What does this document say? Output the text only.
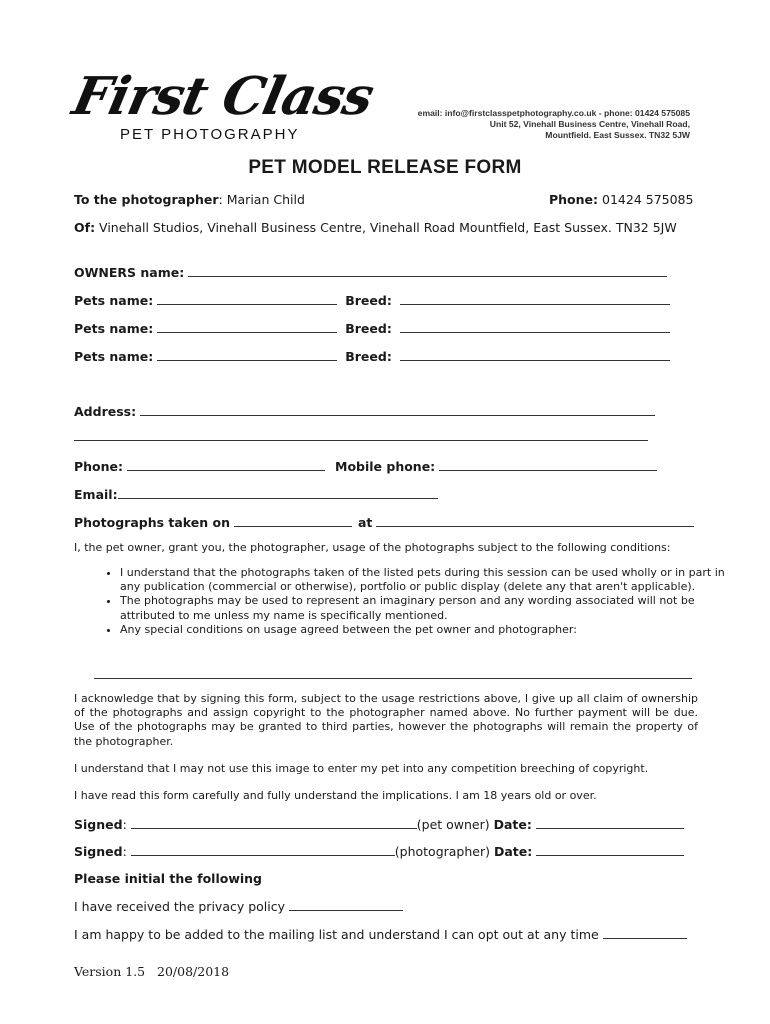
First Class
PET PHOTOGRAPHY
email: info@firstclasspetphotography.co.uk - phone: 01424 575085
Unit 52, Vinehall Business Centre, Vinehall Road,
Mountfield. East Sussex. TN32 5JW
PET MODEL RELEASE FORM
To the photographer: Marian Child	Phone: 01424 575085
Of: Vinehall Studios, Vinehall Business Centre, Vinehall Road Mountfield, East Sussex. TN32 5JW
OWNERS name:
Pets name:	Breed:
Pets name:	Breed:
Pets name:	Breed:
Address:
Phone:	Mobile phone:
Email:
Photographs taken on	at
I, the pet owner, grant you, the photographer, usage of the photographs subject to the following conditions:
• I understand that the photographs taken of the listed pets during this session can be used wholly or in part in any publication (commercial or otherwise), portfolio or public display (delete any that aren't applicable).
• The photographs may be used to represent an imaginary person and any wording associated will not be attributed to me unless my name is specifically mentioned.
• Any special conditions on usage agreed between the pet owner and photographer:
I acknowledge that by signing this form, subject to the usage restrictions above, I give up all claim of ownership of the photographs and assign copyright to the photographer named above. No further payment will be due. Use of the photographs may be granted to third parties, however the photographs will remain the property of the photographer.
I understand that I may not use this image to enter my pet into any competition breeching of copyright.
I have read this form carefully and fully understand the implications. I am 18 years old or over.
Signed:	(pet owner) Date:
Signed:	(photographer) Date:
Please initial the following
I have received the privacy policy
I am happy to be added to the mailing list and understand I can opt out at any time
Version 1.5   20/08/2018
